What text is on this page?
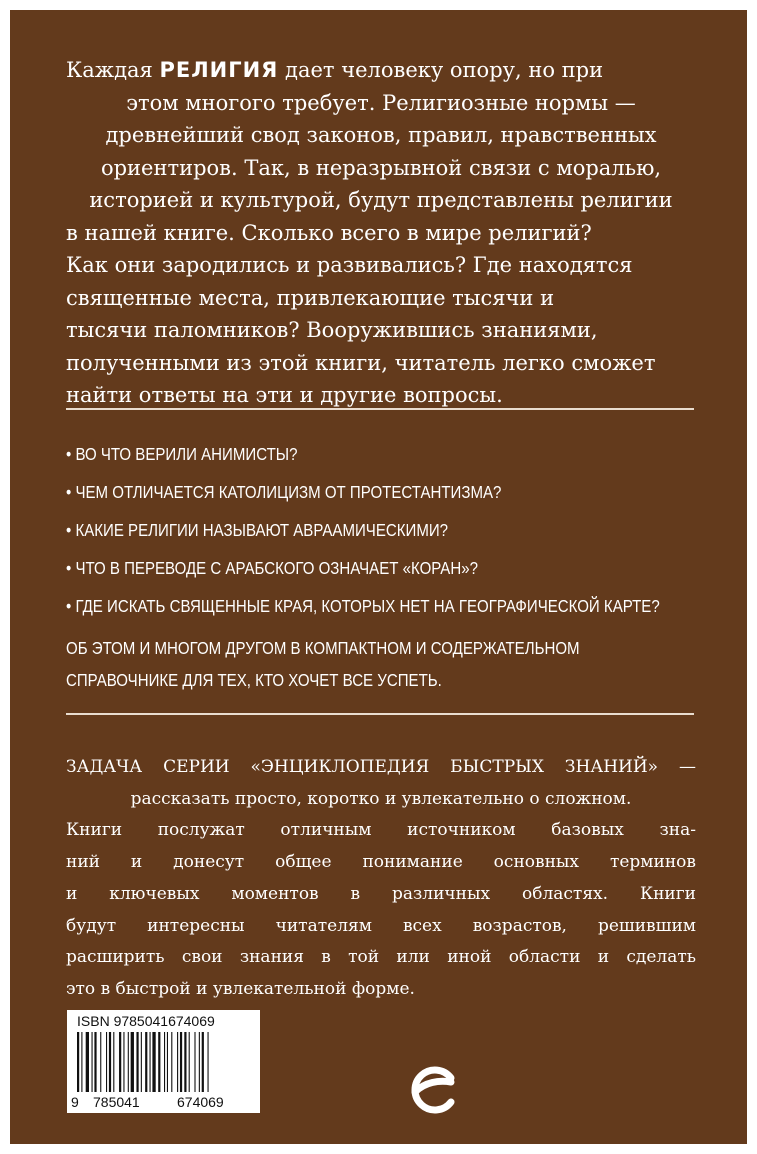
Каждая РЕЛИГИЯ дает человеку опору, но при
этом многого требует. Религиозные нормы —
древнейший свод законов, правил, нравственных
ориентиров. Так, в неразрывной связи с моралью,
историей и культурой, будут представлены религии
в нашей книге. Сколько всего в мире религий?
Как они зародились и развивались? Где находятся
священные места, привлекающие тысячи и
тысячи паломников? Вооружившись знаниями,
полученными из этой книги, читатель легко сможет
найти ответы на эти и другие вопросы.
• ВО ЧТО ВЕРИЛИ АНИМИСТЫ?
• ЧЕМ ОТЛИЧАЕТСЯ КАТОЛИЦИЗМ ОТ ПРОТЕСТАНТИЗМА?
• КАКИЕ РЕЛИГИИ НАЗЫВАЮТ АВРААМИЧЕСКИМИ?
• ЧТО В ПЕРЕВОДЕ С АРАБСКОГО ОЗНАЧАЕТ «КОРАН»?
• ГДЕ ИСКАТЬ СВЯЩЕННЫЕ КРАЯ, КОТОРЫХ НЕТ НА ГЕОГРАФИЧЕСКОЙ КАРТЕ?
ОБ ЭТОМ И МНОГОМ ДРУГОМ В КОМПАКТНОМ И СОДЕРЖАТЕЛЬНОМ
СПРАВОЧНИКЕ ДЛЯ ТЕХ, КТО ХОЧЕТ ВСЕ УСПЕТЬ.
ЗАДАЧА СЕРИИ «ЭНЦИКЛОПЕДИЯ БЫСТРЫХ ЗНАНИЙ» —
рассказать просто, коротко и увлекательно о сложном.
Книги послужат отличным источником базовых зна-
ний и донесут общее понимание основных терминов
и ключевых моментов в различных областях. Книги
будут интересны читателям всех возрастов, решившим
расширить свои знания в той или иной области и сделать
это в быстрой и увлекательной форме.
ISBN 9785041674069
9 785041	674069
